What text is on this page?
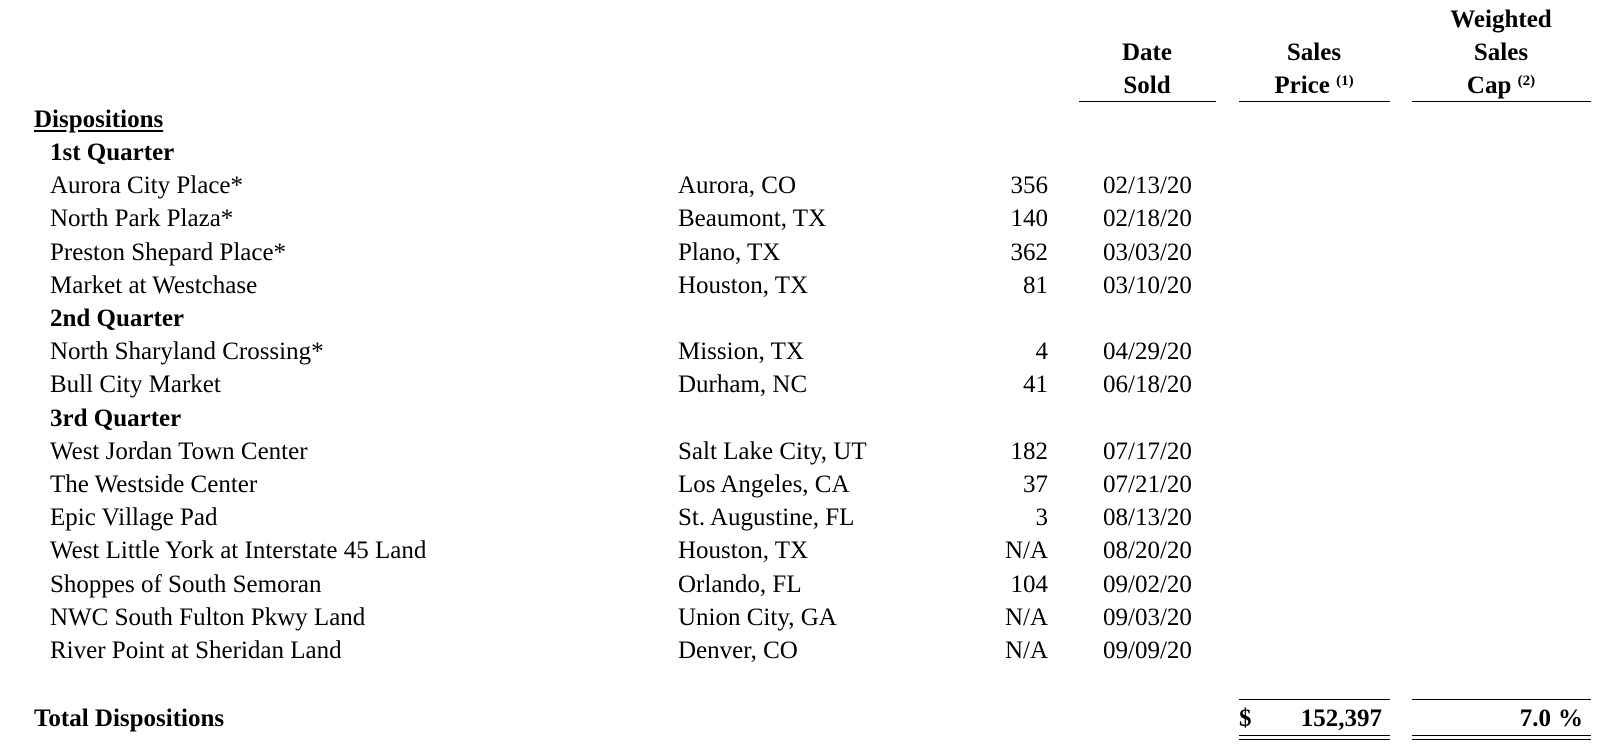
Date
Sold
Sales
Price $^{(1)}$
Weighted
Sales
Cap $^{(2)}$
Dispositions
1st Quarter
Aurora City Place*	Aurora, CO	356 02/13/20
North Park Plaza*	Beaumont, TX	140 02/18/20
Preston Shepard Place*	Plano, TX	362 03/03/20
Market at Westchase	Houston, TX	81 03/10/20
2nd Quarter
North Sharyland Crossing*	Mission, TX	4 04/29/20
Bull City Market	Durham, NC	41 06/18/20
3rd Quarter
West Jordan Town Center	Salt Lake City, UT	182 07/17/20
The Westside Center	Los Angeles, CA	37 07/21/20
Epic Village Pad	St. Augustine, FL	3 08/13/20
West Little York at Interstate 45 Land	Houston, TX	N/A 08/20/20
Shoppes of South Semoran	Orlando, FL	104 09/02/20
NWC South Fulton Pkwy Land	Union City, GA	N/A 09/03/20
River Point at Sheridan Land	Denver, CO	N/A 09/09/20
Total Dispositions	$	152,397	7.0 %
